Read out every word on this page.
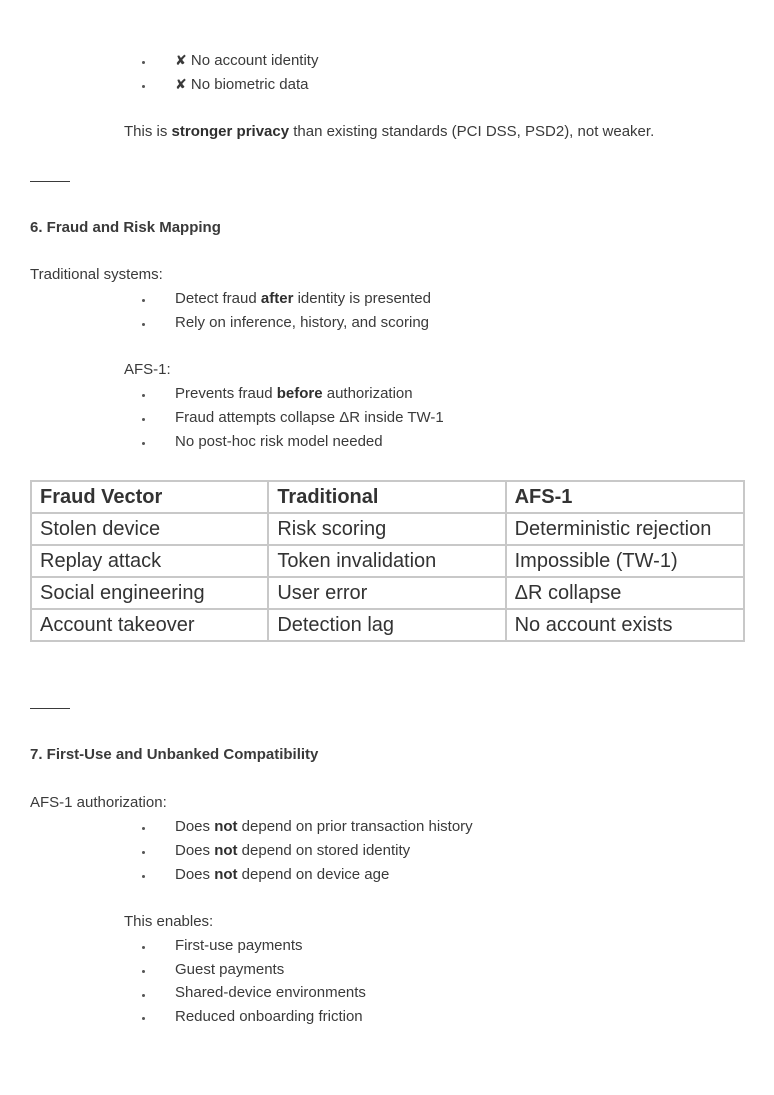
✘ No account identity
✘ No biometric data
This is stronger privacy than existing standards (PCI DSS, PSD2), not weaker.
6. Fraud and Risk Mapping
Traditional systems:
Detect fraud after identity is presented
Rely on inference, history, and scoring
AFS-1:
Prevents fraud before authorization
Fraud attempts collapse ΔR inside TW-1
No post-hoc risk model needed
Fraud Vector	Traditional	AFS-1
Stolen device	Risk scoring	Deterministic rejection
Replay attack	Token invalidation	Impossible (TW-1)
Social engineering	User error	ΔR collapse
Account takeover	Detection lag	No account exists
7. First-Use and Unbanked Compatibility
AFS-1 authorization:
Does not depend on prior transaction history
Does not depend on stored identity
Does not depend on device age
This enables:
First-use payments
Guest payments
Shared-device environments
Reduced onboarding friction
